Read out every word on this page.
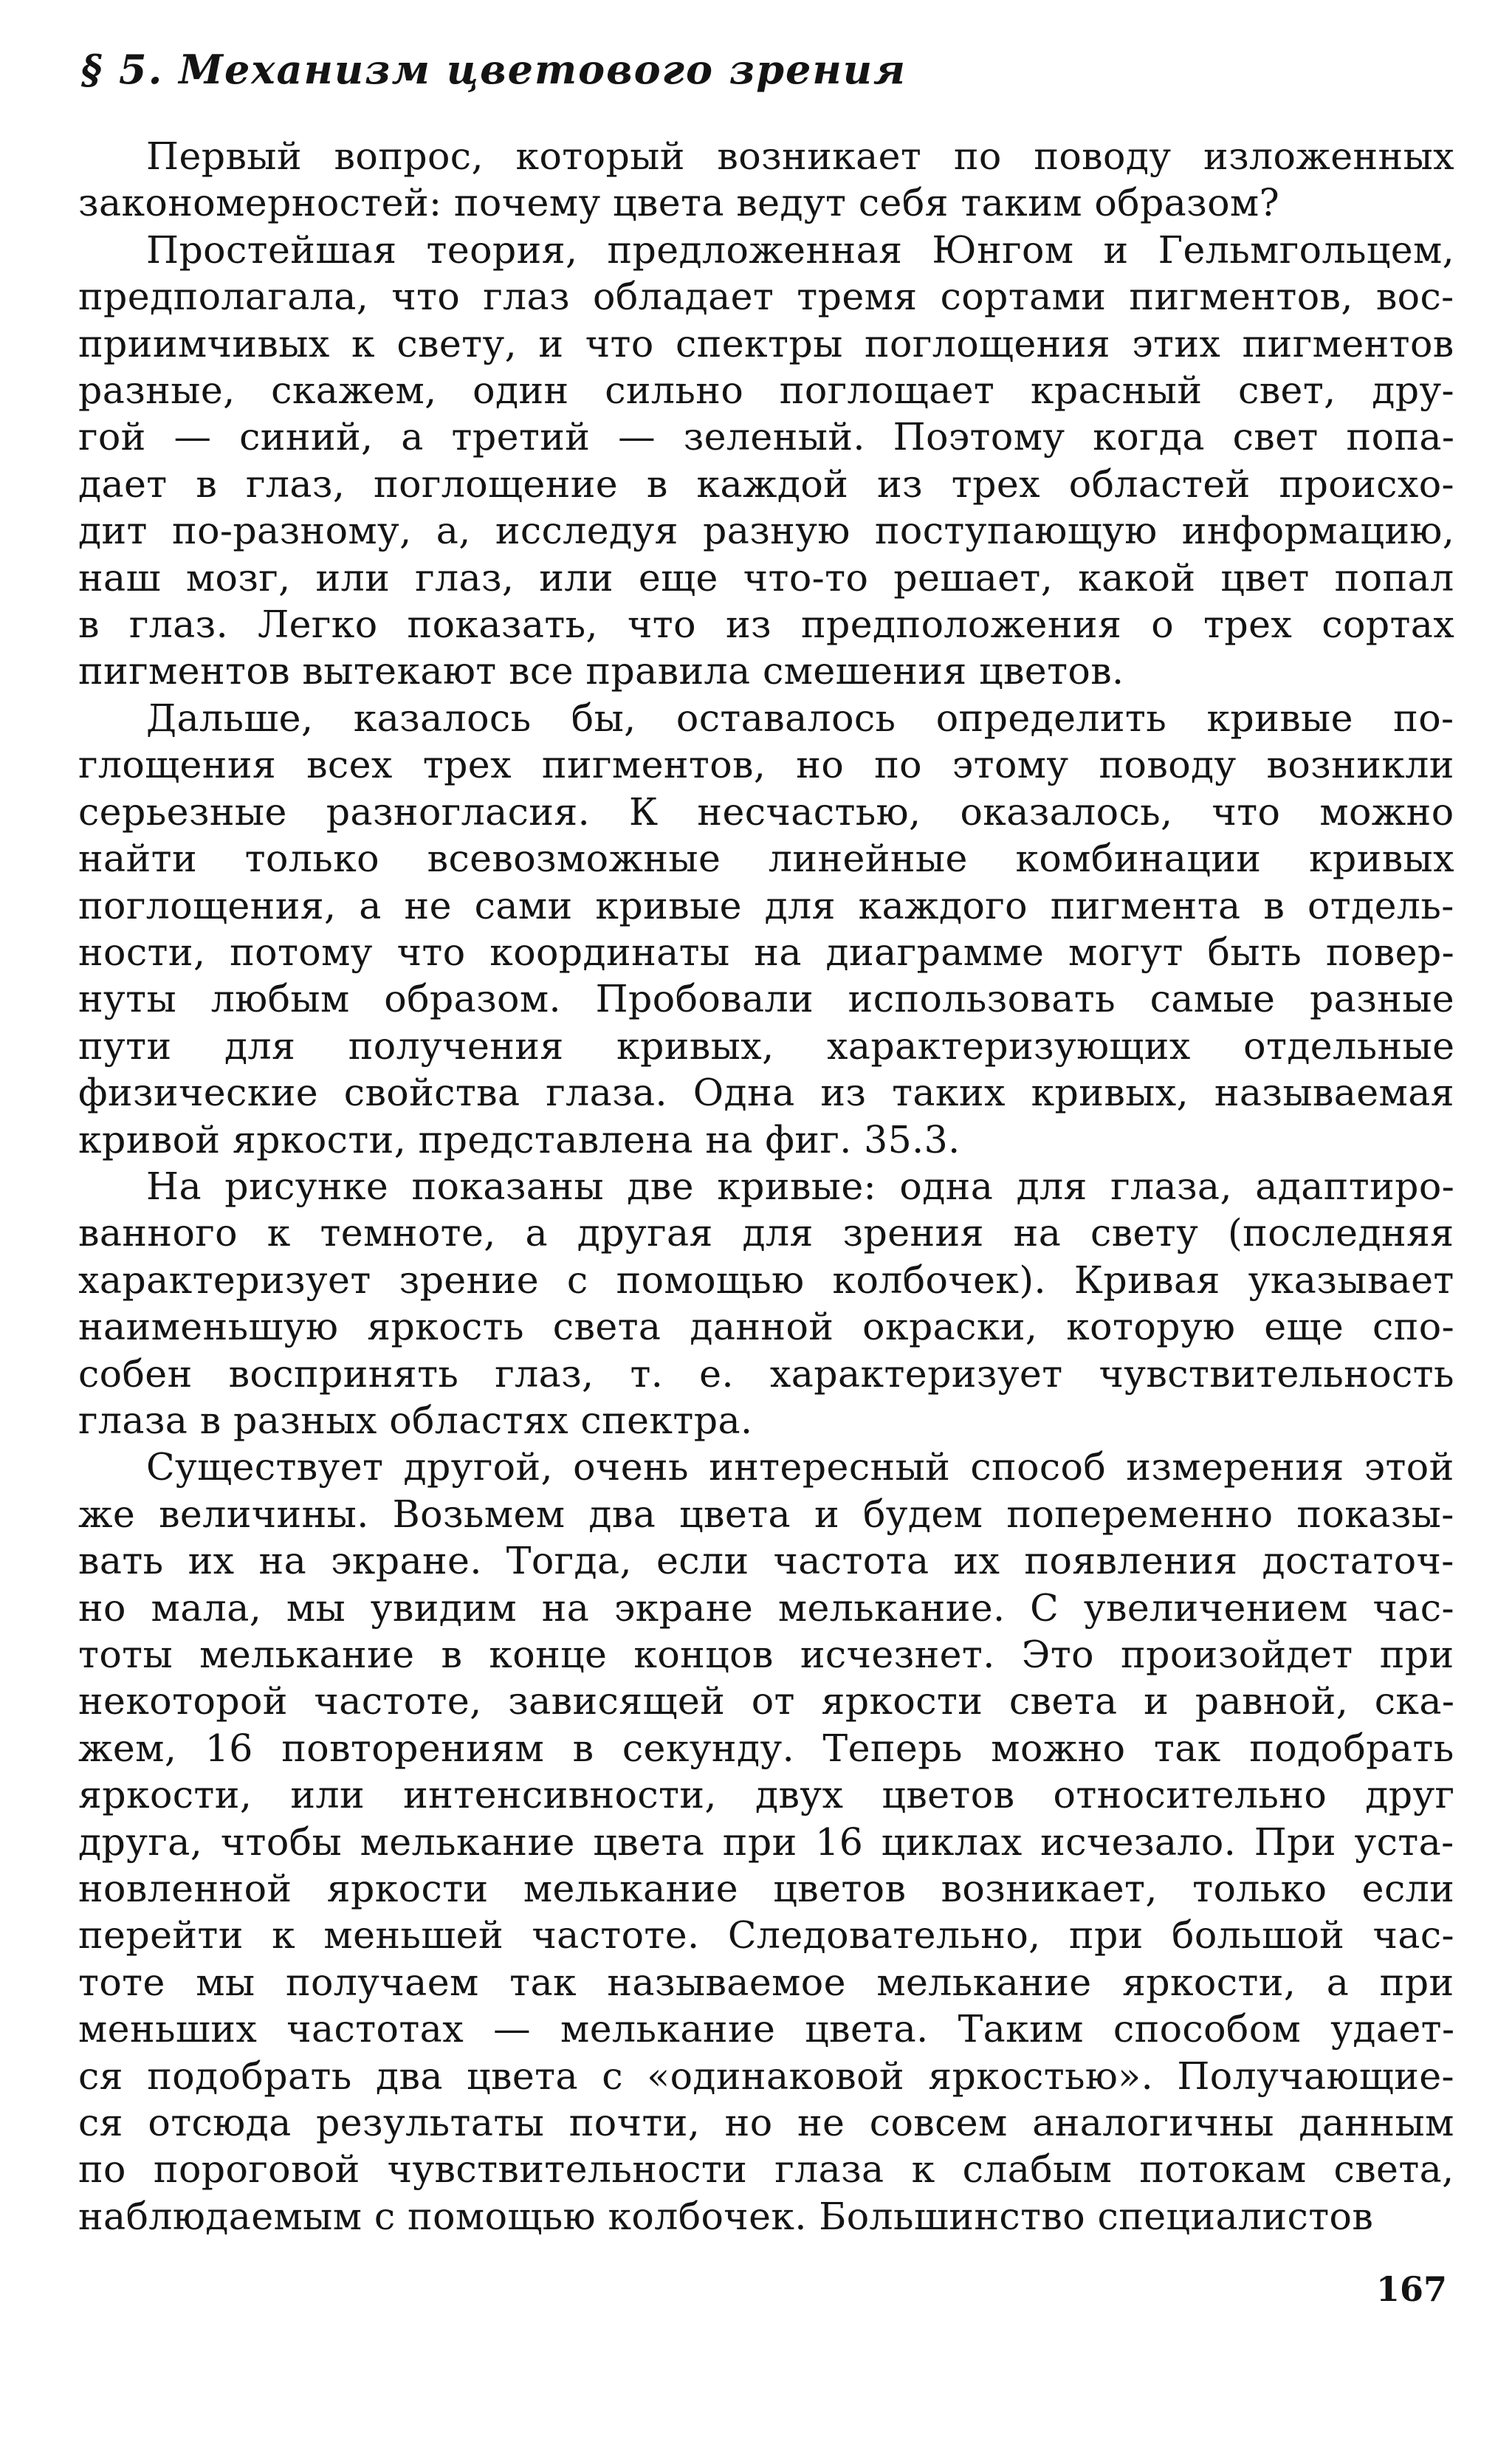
§ 5. Механизм цветового зрения

Первый вопрос, который возникает по поводу изложенных
закономерностей: почему цвета ведут себя таким образом?

Простейшая теория, предложенная Юнгом и Гельмгольцем,
предполагала, что глаз обладает тремя сортами пигментов, вос-
приимчивых к свету, и что спектры поглощения этих пигментов
разные, скажем, один сильно поглощает красный свет, дру-
гой — синий, а третий — зеленый. Поэтому когда свет попа-
дает в глаз, поглощение в каждой из трех областей происхо-
дит по-разному, а, исследуя разную поступающую информацию,
наш мозг, или глаз, или еще что-то решает, какой цвет попал
в глаз. Легко показать, что из предположения о трех сортах
пигментов вытекают все правила смешения цветов.

Дальше, казалось бы, оставалось определить кривые по-
глощения всех трех пигментов, но по этому поводу возникли
серьезные разногласия. К несчастью, оказалось, что можно
найти только всевозможные линейные комбинации кривых
поглощения, а не сами кривые для каждого пигмента в отдель-
ности, потому что координаты на диаграмме могут быть повер-
нуты любым образом. Пробовали использовать самые разные
пути для получения кривых, характеризующих отдельные
физические свойства глаза. Одна из таких кривых, называемая
кривой яркости, представлена на фиг. 35.3.

На рисунке показаны две кривые: одна для глаза, адаптиро-
ванного к темноте, а другая для зрения на свету (последняя
характеризует зрение с помощью колбочек). Кривая указывает
наименьшую яркость света данной окраски, которую еще спо-
собен воспринять глаз, т. е. характеризует чувствительность
глаза в разных областях спектра.

Существует другой, очень интересный способ измерения этой
же величины. Возьмем два цвета и будем попеременно показы-
вать их на экране. Тогда, если частота их появления достаточ-
но мала, мы увидим на экране мелькание. С увеличением час-
тоты мелькание в конце концов исчезнет. Это произойдет при
некоторой частоте, зависящей от яркости света и равной, ска-
жем, 16 повторениям в секунду. Теперь можно так подобрать
яркости, или интенсивности, двух цветов относительно друг
друга, чтобы мелькание цвета при 16 циклах исчезало. При уста-
новленной яркости мелькание цветов возникает, только если
перейти к меньшей частоте. Следовательно, при большой час-
тоте мы получаем так называемое мелькание яркости, а при
меньших частотах — мелькание цвета. Таким способом удает-
ся подобрать два цвета с «одинаковой яркостью». Получающие-
ся отсюда результаты почти, но не совсем аналогичны данным
по пороговой чувствительности глаза к слабым потокам света,
наблюдаемым с помощью колбочек. Большинство специалистов

167
